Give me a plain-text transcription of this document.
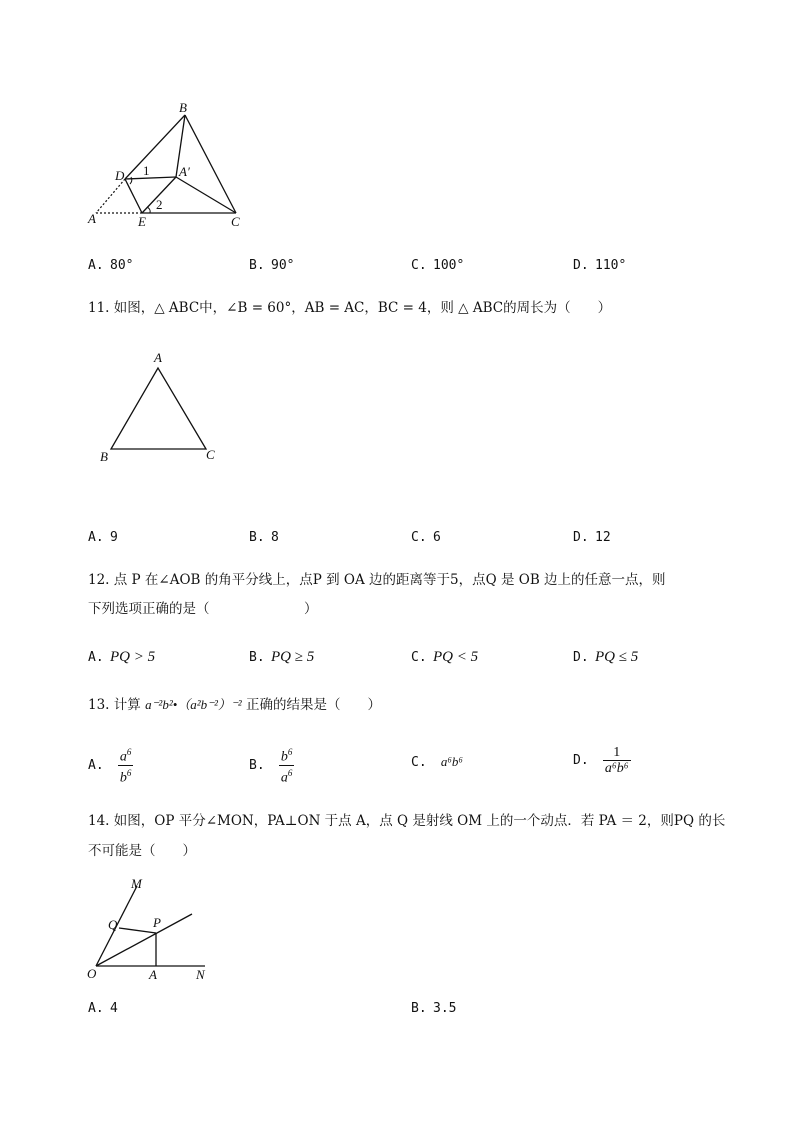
B
D 1 A′
A	E
2
C
A. 80°	B. 90°	C. 100°	D. 110°
11. 如图，△ ABC中，∠B = 60°，AB = AC，BC = 4，则 △ ABC的周长为（　　）
A
B	C
A. 9	B. 8	C. 6	D. 12
12. 点 P 在∠AOB 的角平分线上，点P 到 OA 边的距离等于5，点Q 是 OB 边上的任意一点，则
下列选项正确的是（　　　　　　　）
A. PQ > 5	B. PQ ≥ 5	C. PQ < 5	D. PQ ≤ 5
13. 计算 a⁻²b²•（a²b⁻²）⁻² 正确的结果是（　　）
A. $\frac{a^6}{b^6}$	B. $\frac{b^6}{a^6}$	C. a⁶b⁶	D. $\frac{1}{\text{a⁶b⁶}}$
14. 如图，OP 平分∠MON，PA⊥ON 于点 A，点 Q 是射线 OM 上的一个动点．若 PA ＝ 2，则PQ 的长
不可能是（　　）
M
Q	P
O	A	N
A. 4	B. 3.5
